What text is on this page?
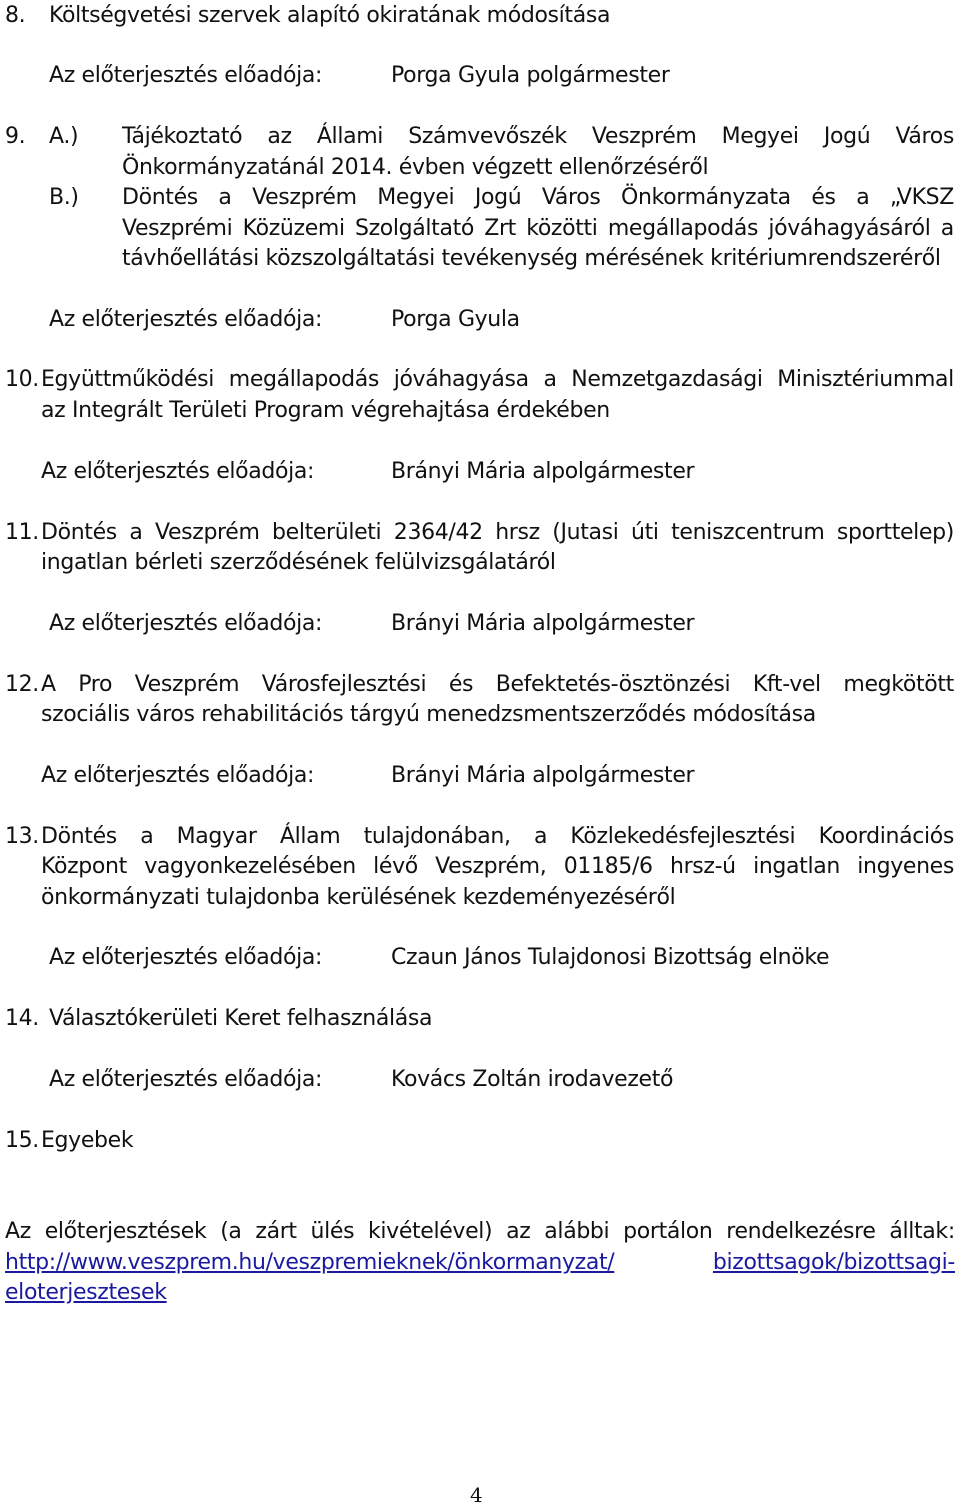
8. Költségvetési szervek alapító okiratának módosítása
Az előterjesztés előadója:	Porga Gyula polgármester
9. A.) Tájékoztató az Állami Számvevőszék Veszprém Megyei Jogú Város
Önkormányzatánál 2014. évben végzett ellenőrzéséről
B.) Döntés a Veszprém Megyei Jogú Város Önkormányzata és a „VKSZ
Veszprémi Közüzemi Szolgáltató Zrt közötti megállapodás jóváhagyásáról a
távhőellátási közszolgáltatási tevékenység mérésének kritériumrendszeréről
Az előterjesztés előadója:	Porga Gyula
10. Együttműködési megállapodás jóváhagyása a Nemzetgazdasági Minisztériummal
az Integrált Területi Program végrehajtása érdekében
Az előterjesztés előadója:	Brányi Mária alpolgármester
11. Döntés a Veszprém belterületi 2364/42 hrsz (Jutasi úti teniszcentrum sporttelep)
ingatlan bérleti szerződésének felülvizsgálatáról
Az előterjesztés előadója:	Brányi Mária alpolgármester
12. A Pro Veszprém Városfejlesztési és Befektetés-ösztönzési Kft-vel megkötött
szociális város rehabilitációs tárgyú menedzsmentszerződés módosítása
Az előterjesztés előadója:	Brányi Mária alpolgármester
13. Döntés a Magyar Állam tulajdonában, a Közlekedésfejlesztési Koordinációs
Központ vagyonkezelésében lévő Veszprém, 01185/6 hrsz-ú ingatlan ingyenes
önkormányzati tulajdonba kerülésének kezdeményezéséről
Az előterjesztés előadója:	Czaun János Tulajdonosi Bizottság elnöke
14. Választókerületi Keret felhasználása
Az előterjesztés előadója:	Kovács Zoltán irodavezető
15. Egyebek
Az előterjesztések (a zárt ülés kivételével) az alábbi portálon rendelkezésre álltak:
http://www.veszprem.hu/veszpremieknek/önkormanyzat/	bizottsagok/bizottsagi-
eloterjesztesek
4
